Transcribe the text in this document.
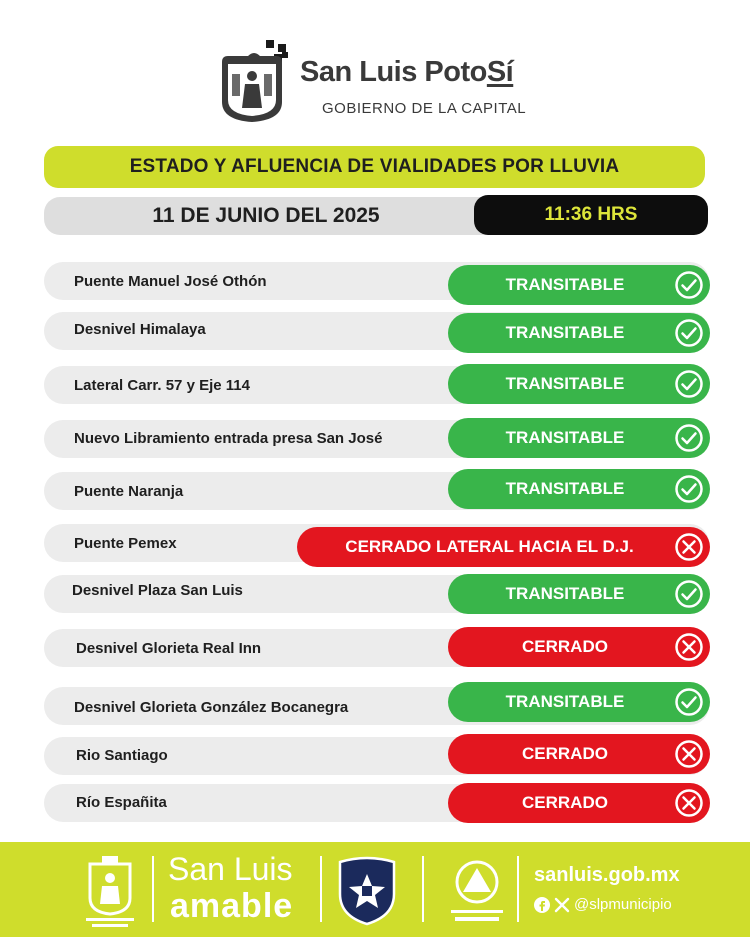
San Luis PotoSí
GOBIERNO DE LA CAPITAL
ESTADO Y AFLUENCIA DE VIALIDADES POR LLUVIA
11 DE JUNIO DEL 2025	11:36 HRS
Puente Manuel José Othón	TRANSITABLE
Desnivel Himalaya	TRANSITABLE
Lateral Carr. 57 y Eje 114	TRANSITABLE
Nuevo Libramiento entrada presa San José	TRANSITABLE
Puente Naranja	TRANSITABLE
Puente Pemex	CERRADO LATERAL HACIA EL D.J.
Desnivel Plaza San Luis	TRANSITABLE
Desnivel Glorieta Real Inn	CERRADO
Desnivel Glorieta González Bocanegra	TRANSITABLE
Rio Santiago	CERRADO
Río Españita	CERRADO
San Luis
amable
sanluis.gob.mx
@slpmunicipio
